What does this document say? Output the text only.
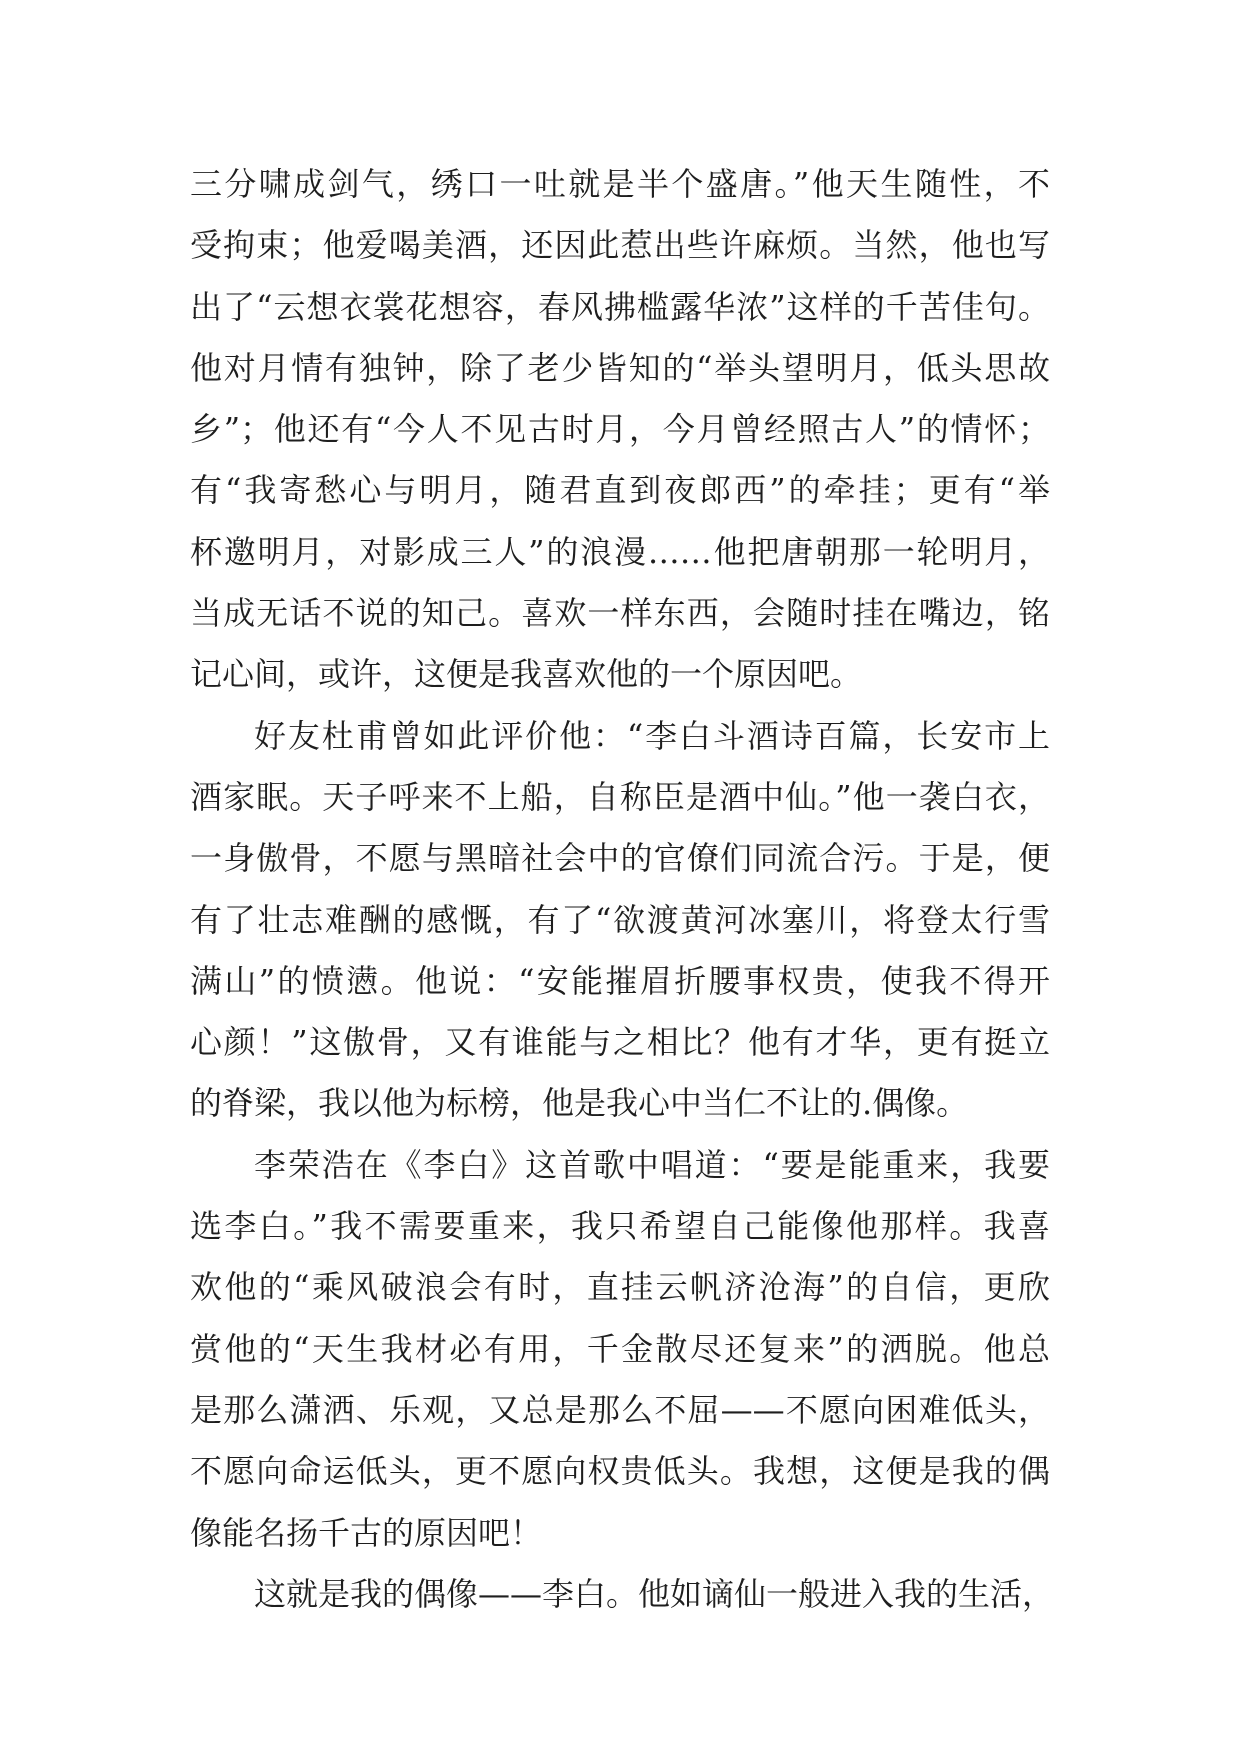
三分啸成剑气，绣口一吐就是半个盛唐。”他天生随性，不
受拘束；他爱喝美酒，还因此惹出些许麻烦。当然，他也写
出了“云想衣裳花想容，春风拂槛露华浓”这样的千苦佳句。
他对月情有独钟，除了老少皆知的“举头望明月，低头思故
乡”；他还有“今人不见古时月，今月曾经照古人”的情怀；
有“我寄愁心与明月，随君直到夜郎西”的牵挂；更有“举
杯邀明月，对影成三人”的浪漫……他把唐朝那一轮明月，
当成无话不说的知己。喜欢一样东西，会随时挂在嘴边，铭
记心间，或许，这便是我喜欢他的一个原因吧。
好友杜甫曾如此评价他：“李白斗酒诗百篇，长安市上
酒家眠。天子呼来不上船，自称臣是酒中仙。”他一袭白衣，
一身傲骨，不愿与黑暗社会中的官僚们同流合污。于是，便
有了壮志难酬的感慨，有了“欲渡黄河冰塞川，将登太行雪
满山”的愤懑。他说：“安能摧眉折腰事权贵，使我不得开
心颜！”这傲骨，又有谁能与之相比？他有才华，更有挺立
的脊梁，我以他为标榜，他是我心中当仁不让的.偶像。
李荣浩在《李白》这首歌中唱道：“要是能重来，我要
选李白。”我不需要重来，我只希望自己能像他那样。我喜
欢他的“乘风破浪会有时，直挂云帆济沧海”的自信，更欣
赏他的“天生我材必有用，千金散尽还复来”的洒脱。他总
是那么潇洒、乐观，又总是那么不屈——不愿向困难低头，
不愿向命运低头，更不愿向权贵低头。我想，这便是我的偶
像能名扬千古的原因吧！
这就是我的偶像——李白。他如谪仙一般进入我的生活，
